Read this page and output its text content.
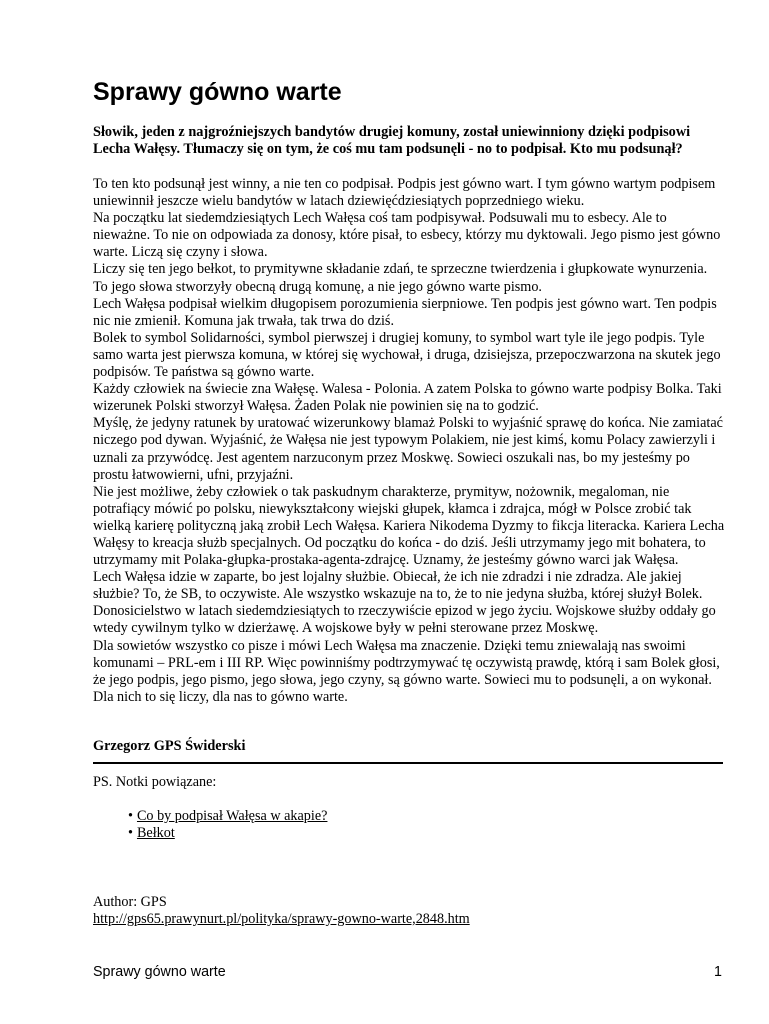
Sprawy gówno warte

Słowik, jeden z najgroźniejszych bandytów drugiej komuny, został uniewinniony dzięki podpisowi Lecha Wałęsy. Tłumaczy się on tym, że coś mu tam podsunęli - no to podpisał. Kto mu podsunął?

To ten kto podsunął jest winny, a nie ten co podpisał. Podpis jest gówno wart. I tym gówno wartym podpisem uniewinnił jeszcze wielu bandytów w latach dziewięćdziesiątych poprzedniego wieku.

Na początku lat siedemdziesiątych Lech Wałęsa coś tam podpisywał. Podsuwali mu to esbecy. Ale to nieważne. To nie on odpowiada za donosy, które pisał, to esbecy, którzy mu dyktowali. Jego pismo jest gówno warte. Liczą się czyny i słowa.

Liczy się ten jego bełkot, to prymitywne składanie zdań, te sprzeczne twierdzenia i głupkowate wynurzenia. To jego słowa stworzyły obecną drugą komunę, a nie jego gówno warte pismo.

Lech Wałęsa podpisał wielkim długopisem porozumienia sierpniowe. Ten podpis jest gówno wart. Ten podpis nic nie zmienił. Komuna jak trwała, tak trwa do dziś.

Bolek to symbol Solidarności, symbol pierwszej i drugiej komuny, to symbol wart tyle ile jego podpis. Tyle samo warta jest pierwsza komuna, w której się wychował, i druga, dzisiejsza, przepoczwarzona na skutek jego podpisów. Te państwa są gówno warte.

Każdy człowiek na świecie zna Wałęsę. Walesa - Polonia. A zatem Polska to gówno warte podpisy Bolka. Taki wizerunek Polski stworzył Wałęsa. Żaden Polak nie powinien się na to godzić.

Myślę, że jedyny ratunek by uratować wizerunkowy blamaż Polski to wyjaśnić sprawę do końca. Nie zamiatać niczego pod dywan. Wyjaśnić, że Wałęsa nie jest typowym Polakiem, nie jest kimś, komu Polacy zawierzyli i uznali za przywódcę. Jest agentem narzuconym przez Moskwę. Sowieci oszukali nas, bo my jesteśmy po prostu łatwowierni, ufni, przyjaźni.

Nie jest możliwe, żeby człowiek o tak paskudnym charakterze, prymityw, nożownik, megaloman, nie potrafiący mówić po polsku, niewykształcony wiejski głupek, kłamca i zdrajca, mógł w Polsce zrobić tak wielką karierę polityczną jaką zrobił Lech Wałęsa. Kariera Nikodema Dyzmy to fikcja literacka. Kariera Lecha Wałęsy to kreacja służb specjalnych. Od początku do końca - do dziś. Jeśli utrzymamy jego mit bohatera, to utrzymamy mit Polaka-głupka-prostaka-agenta-zdrajcę. Uznamy, że jesteśmy gówno warci jak Wałęsa.

Lech Wałęsa idzie w zaparte, bo jest lojalny służbie. Obiecał, że ich nie zdradzi i nie zdradza. Ale jakiej służbie? To, że SB, to oczywiste. Ale wszystko wskazuje na to, że to nie jedyna służba, której służył Bolek. Donosicielstwo w latach siedemdziesiątych to rzeczywiście epizod w jego życiu. Wojskowe służby oddały go wtedy cywilnym tylko w dzierżawę. A wojskowe były w pełni sterowane przez Moskwę.

Dla sowietów wszystko co pisze i mówi Lech Wałęsa ma znaczenie. Dzięki temu zniewalają nas swoimi komunami – PRL-em i III RP. Więc powinniśmy podtrzymywać tę oczywistą prawdę, którą i sam Bolek głosi, że jego podpis, jego pismo, jego słowa, jego czyny, są gówno warte. Sowieci mu to podsunęli, a on wykonał. Dla nich to się liczy, dla nas to gówno warte.

Grzegorz GPS Świderski

PS. Notki powiązane:

• Co by podpisał Wałęsa w akapie?
• Bełkot

Author: GPS

http://gps65.prawynurt.pl/polityka/sprawy-gowno-warte,2848.htm
Sprawy gówno warte	1
